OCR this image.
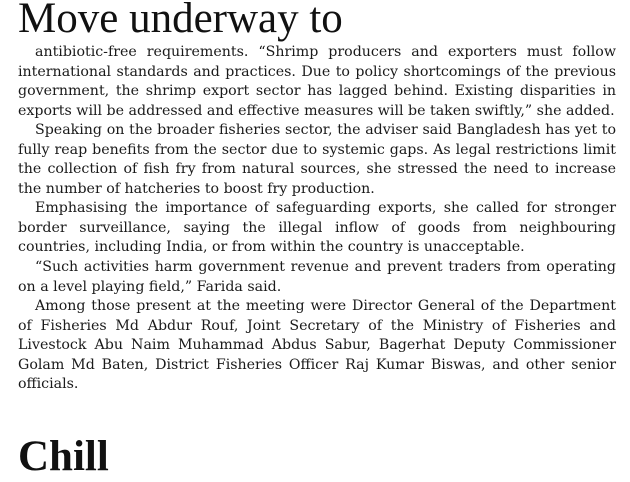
Move underway to

antibiotic-free requirements. “Shrimp producers and exporters must follow international standards and practices. Due to policy shortcomings of the previous government, the shrimp export sector has lagged behind. Existing disparities in exports will be addressed and effective measures will be taken swiftly,” she added.

Speaking on the broader fisheries sector, the adviser said Bangladesh has yet to fully reap benefits from the sector due to systemic gaps. As legal restrictions limit the collection of fish fry from natural sources, she stressed the need to increase the number of hatcheries to boost fry production.

Emphasising the importance of safeguarding exports, she called for stronger border surveillance, saying the illegal inflow of goods from neighbouring countries, including India, or from within the country is unacceptable.

“Such activities harm government revenue and prevent traders from operating on a level playing field,” Farida said.

Among those present at the meeting were Director General of the Department of Fisheries Md Abdur Rouf, Joint Secretary of the Ministry of Fisheries and Livestock Abu Naim Muhammad Abdus Sabur, Bagerhat Deputy Commissioner Golam Md Baten, District Fisheries Officer Raj Kumar Biswas, and other senior officials.

Chill
